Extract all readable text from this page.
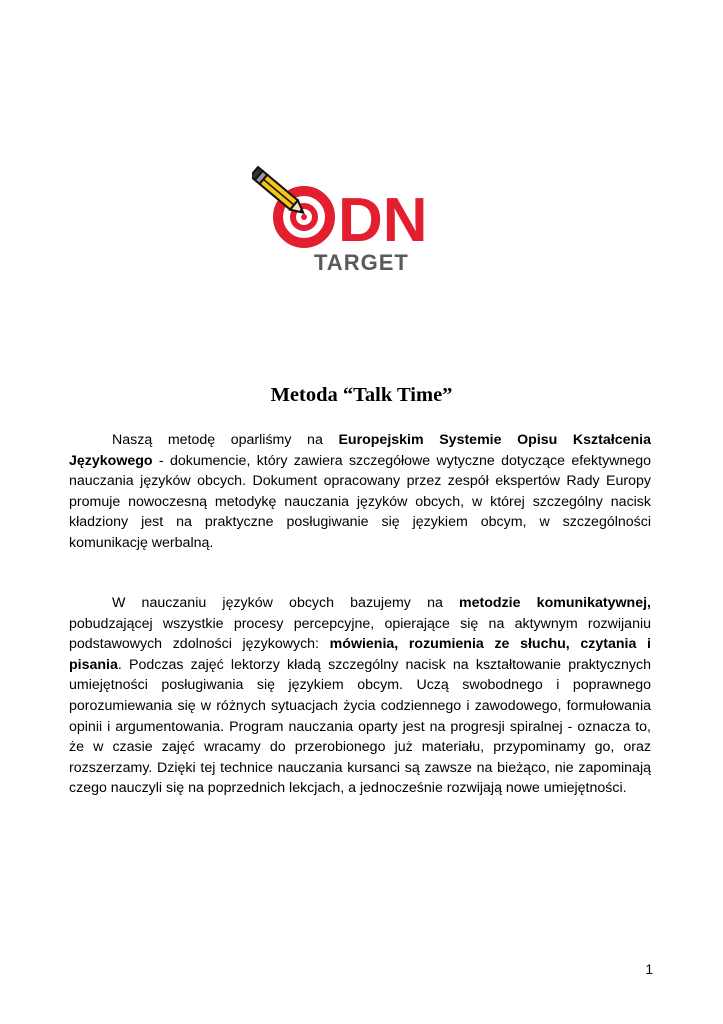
DN
TARGET
Metoda “Talk Time”

Naszą metodę oparliśmy na Europejskim Systemie Opisu Kształcenia Językowego - dokumencie, który zawiera szczegółowe wytyczne dotyczące efektywnego nauczania języków obcych. Dokument opracowany przez zespół ekspertów Rady Europy promuje nowoczesną metodykę nauczania języków obcych, w której szczególny nacisk kładziony jest na praktyczne posługiwanie się językiem obcym, w szczególności komunikację werbalną.

W nauczaniu języków obcych bazujemy na metodzie komunikatywnej, pobudzającej wszystkie procesy percepcyjne, opierające się na aktywnym rozwijaniu podstawowych zdolności językowych: mówienia, rozumienia ze słuchu, czytania i pisania. Podczas zajęć lektorzy kładą szczególny nacisk na kształtowanie praktycznych umiejętności posługiwania się językiem obcym. Uczą swobodnego i poprawnego porozumiewania się w różnych sytuacjach życia codziennego i zawodowego, formułowania opinii i argumentowania. Program nauczania oparty jest na progresji spiralnej - oznacza to, że w czasie zajęć wracamy do przerobionego już materiału, przypominamy go, oraz rozszerzamy. Dzięki tej technice nauczania kursanci są zawsze na bieżąco, nie zapominają czego nauczyli się na poprzednich lekcjach, a jednocześnie rozwijają nowe umiejętności.

1
